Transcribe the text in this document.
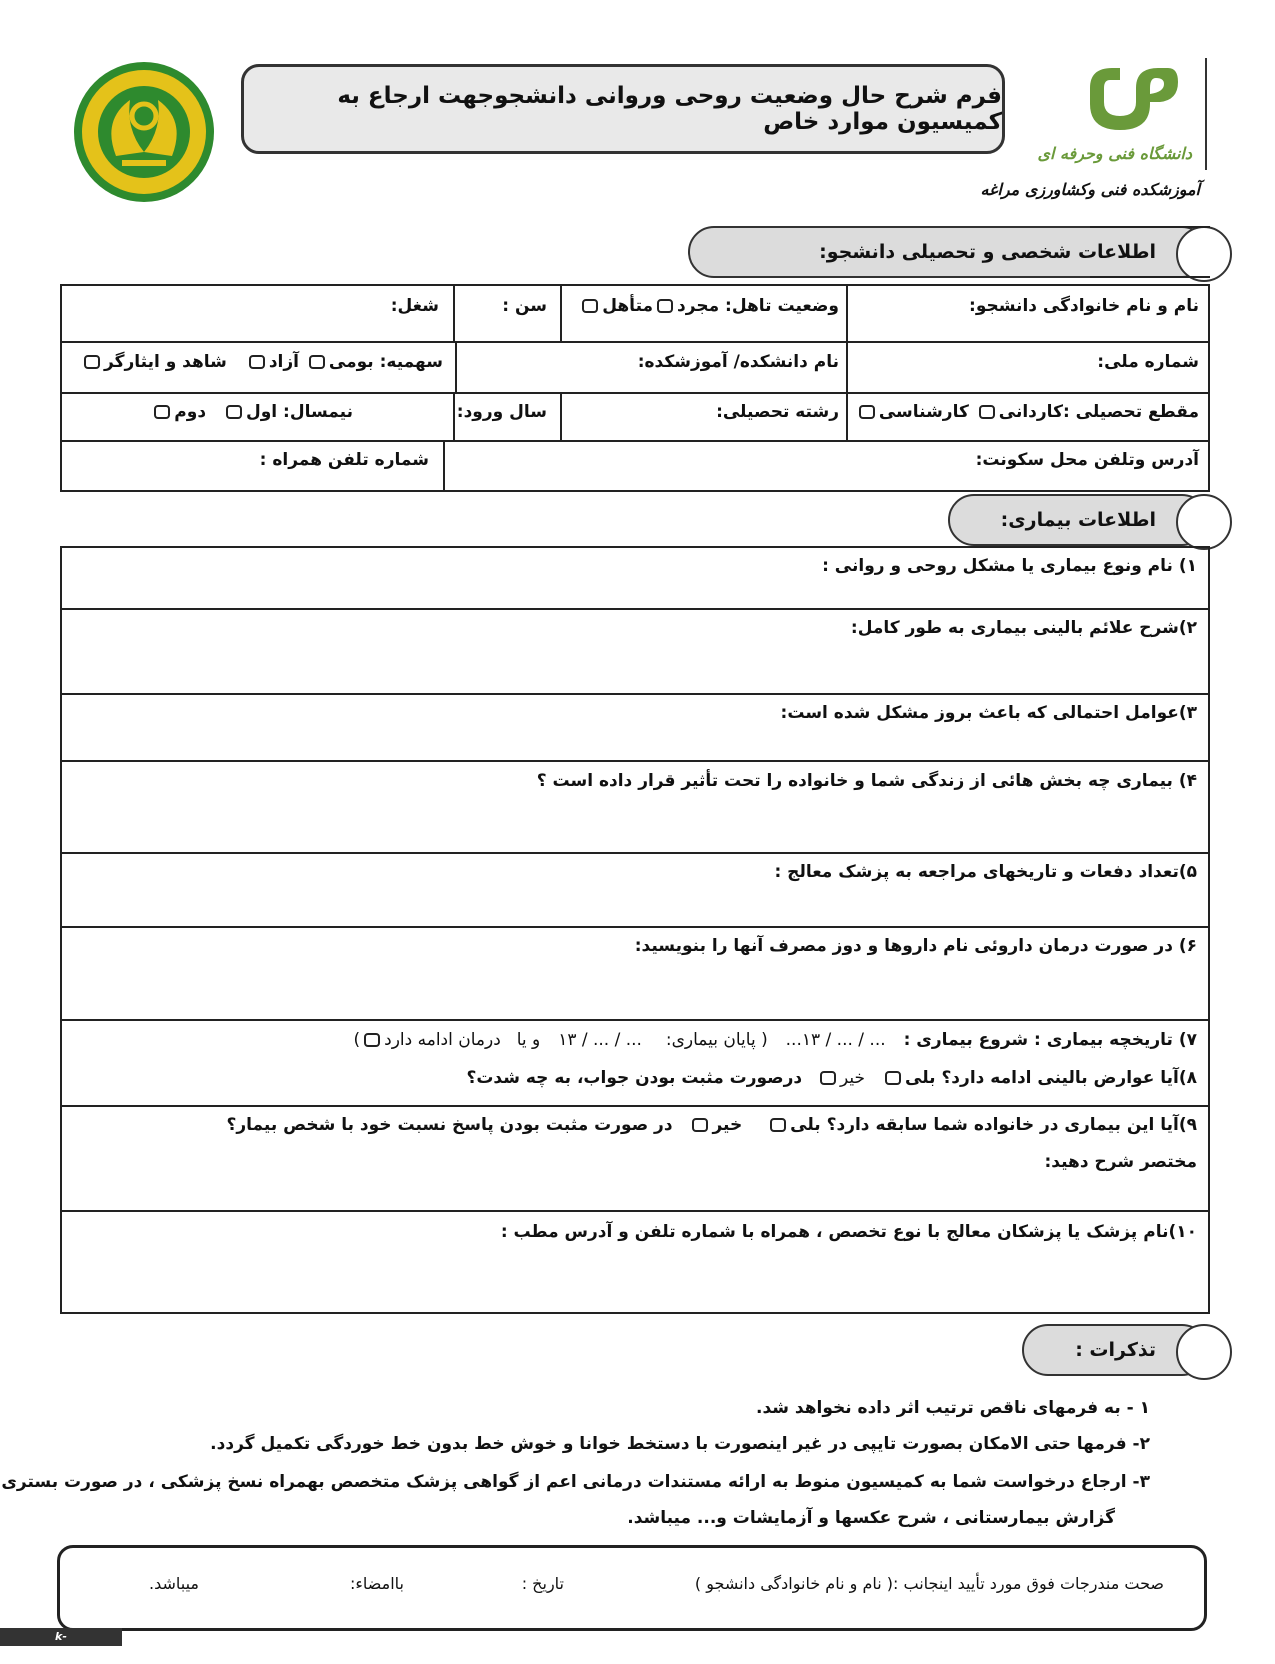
فرم شرح حال وضعیت روحی وروانی دانشجوجهت ارجاع به کمیسیون موارد خاص
دانشگاه فنی وحرفه ای
آموزشکده فنی وکشاورزی مراغه
اطلاعات شخصی و تحصیلی دانشجو:
نام و نام خانوادگی دانشجو:
وضعیت تاهل: مجردمتأهل
سن :
شغل:
شماره ملی:
نام دانشکده/ آموزشکده:
سهمیه: بومی آزاد شاهد و ایثارگر
مقطع تحصیلی :کاردانی کارشناسی
رشته تحصیلی:
سال ورود:
نیمسال: اول دوم
آدرس وتلفن محل سکونت:
شماره تلفن همراه :
اطلاعات بیماری:
۱) نام ونوع بیماری یا مشکل روحی و روانی :
۲)شرح علائم بالینی بیماری به طور کامل:
۳)عوامل احتمالی که باعث بروز مشکل شده است:
۴) بیماری چه بخش هائی از زندگی شما و خانواده را تحت تأثیر قرار داده است ؟
۵)تعداد دفعات و تاریخهای مراجعه به پزشک معالج :
۶) در صورت درمان داروئی نام داروها و دوز مصرف آنها را بنویسید:
۷) تاریخچه بیماری : شروع بیماری : ... / ... / ۱۳... ( پایان بیماری: ... / ... / ۱۳ و یا درمان ادامه دارد)
۸)آیا عوارض بالینی ادامه دارد؟ بلی خیر درصورت مثبت بودن جواب، به چه شدت؟
۹)آیا این بیماری در خانواده شما سابقه دارد؟ بلی خیر در صورت مثبت بودن پاسخ نسبت خود با شخص بیمار؟
مختصر شرح دهید:
۱۰)نام پزشک یا پزشکان معالج با نوع تخصص ، همراه با شماره تلفن و آدرس مطب :
تذکرات :
۱ - به فرمهای ناقص ترتیب اثر داده نخواهد شد.
۲- فرمها حتی الامکان بصورت تایپی در غیر اینصورت با دستخط خوانا و خوش خط بدون خط خوردگی تکمیل گردد.
۳- ارجاع درخواست شما به کمیسیون منوط به ارائه مستندات درمانی اعم از گواهی پزشک متخصص بهمراه نسخ پزشکی ، در صورت بستری
گزارش بیمارستانی ، شرح عکسها و آزمایشات و... میباشد.
صحت مندرجات فوق مورد تأیید اینجانب :( نام و نام خانوادگی دانشجو )
تاریخ :
باامضاء:
میباشد.
k-maragheh.tvu.ac.ir
